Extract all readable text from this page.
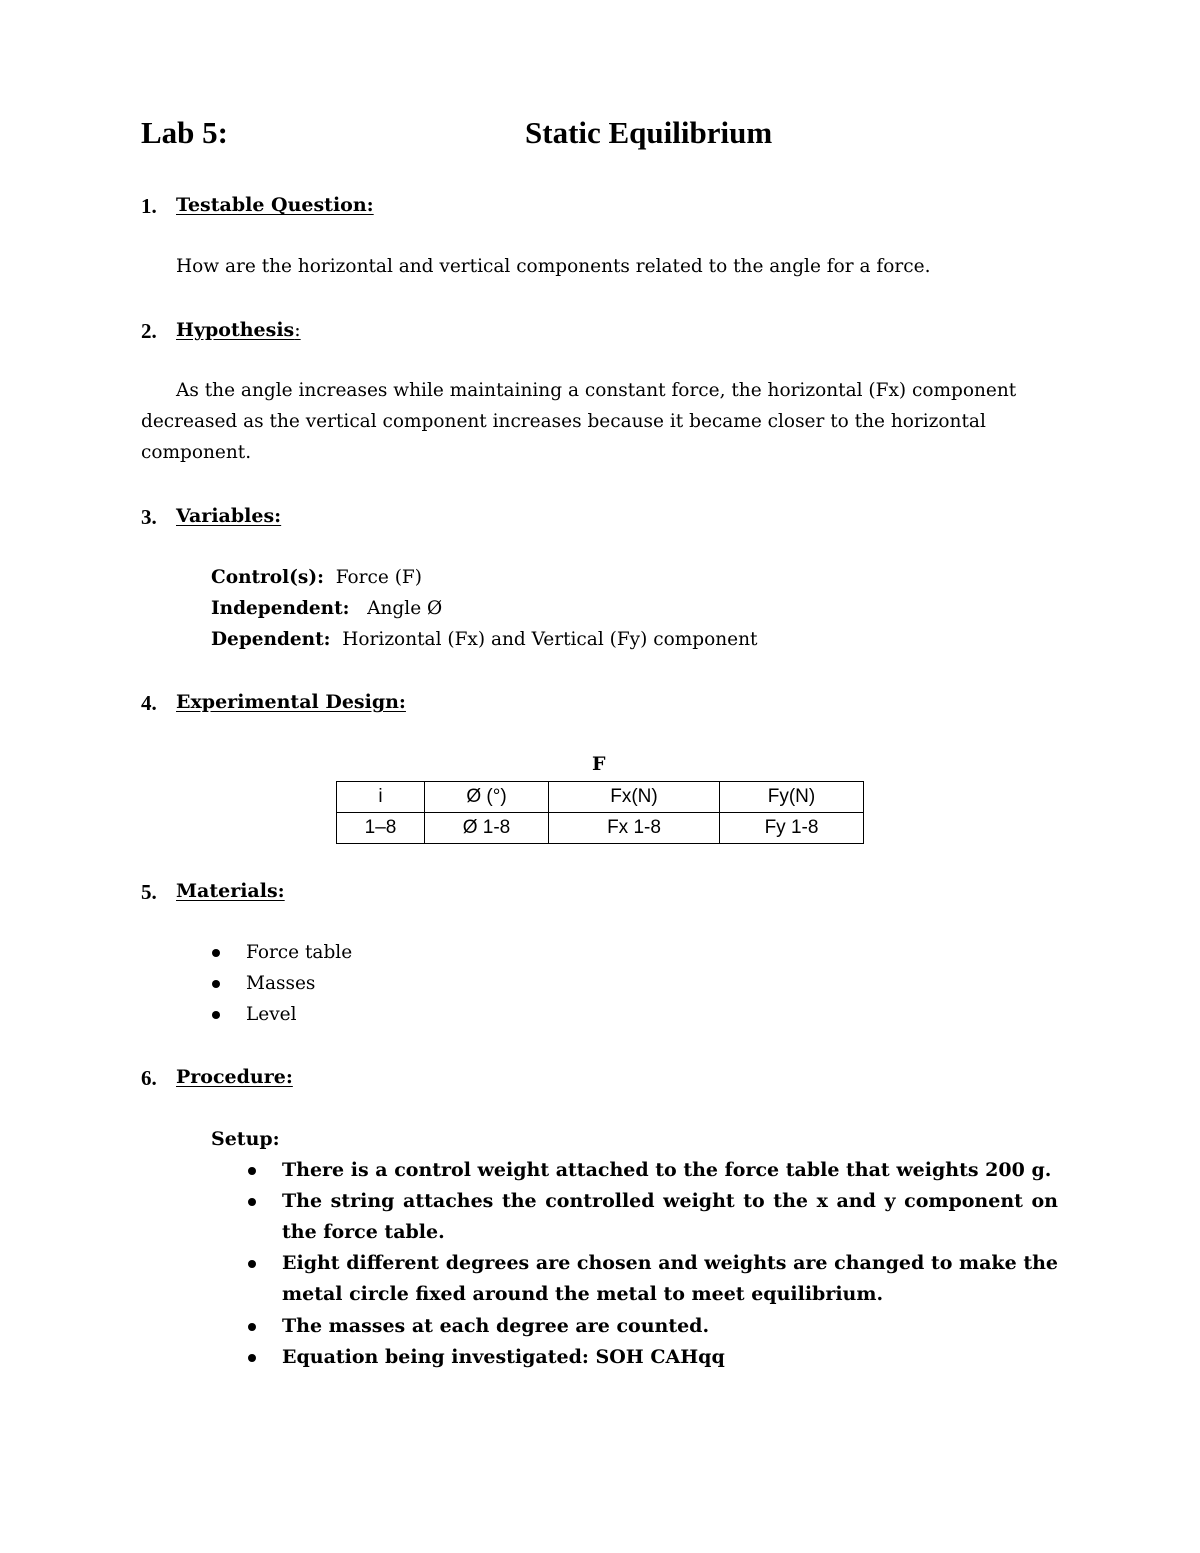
Lab 5:	Static Equilibrium
1. Testable Question:
How are the horizontal and vertical components related to the angle for a force.
2. Hypothesis:
As the angle increases while maintaining a constant force, the horizontal (Fx) component
decreased as the vertical component increases because it became closer to the horizontal
component.
3. Variables:
Control(s): Force (F)
Independent: Angle Ø
Dependent: Horizontal (Fx) and Vertical (Fy) component
4. Experimental Design:
F
i	Ø (°)	Fx(N)	Fy(N)
1–8	Ø 1-8	Fx 1-8	Fy 1-8
5. Materials:
Force table
Masses
Level
6. Procedure:
Setup:
There is a control weight attached to the force table that weights 200 g.
The string attaches the controlled weight to the x and y component on the force table.
Eight different degrees are chosen and weights are changed to make the metal circle fixed around the metal to meet equilibrium.
The masses at each degree are counted.
Equation being investigated: SOH CAHqq
